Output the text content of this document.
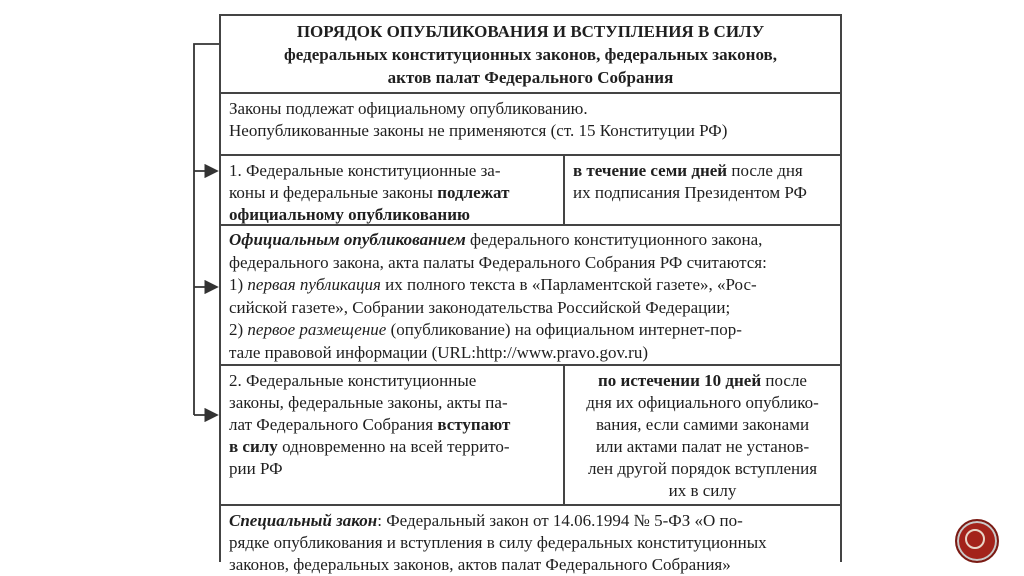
ПОРЯДОК ОПУБЛИКОВАНИЯ И ВСТУПЛЕНИЯ В СИЛУ
федеральных конституционных законов, федеральных законов,
актов палат Федерального Собрания
Законы подлежат официальному опубликованию.
Неопубликованные законы не применяются (ст. 15 Конституции РФ)
1. Федеральные конституционные за-
коны и федеральные законы подлежат
официальному опубликованию
в течение семи дней после дня
их подписания Президентом РФ
Официальным опубликованием федерального конституционного закона,
федерального закона, акта палаты Федерального Собрания РФ считаются:
1) первая публикация их полного текста в «Парламентской газете», «Рос-
сийской газете», Собрании законодательства Российской Федерации;
2) первое размещение (опубликование) на официальном интернет-пор-
тале правовой информации (URL:http://www.pravo.gov.ru)
2. Федеральные конституционные
законы, федеральные законы, акты па-
лат Федерального Собрания вступают
в силу одновременно на всей террито-
рии РФ
по истечении 10 дней после
дня их официального опублико-
вания, если самими законами
или актами палат не установ-
лен другой порядок вступления
их в силу
Специальный закон: Федеральный закон от 14.06.1994 № 5-ФЗ «О по-
рядке опубликования и вступления в силу федеральных конституционных
законов, федеральных законов, актов палат Федерального Собрания»
